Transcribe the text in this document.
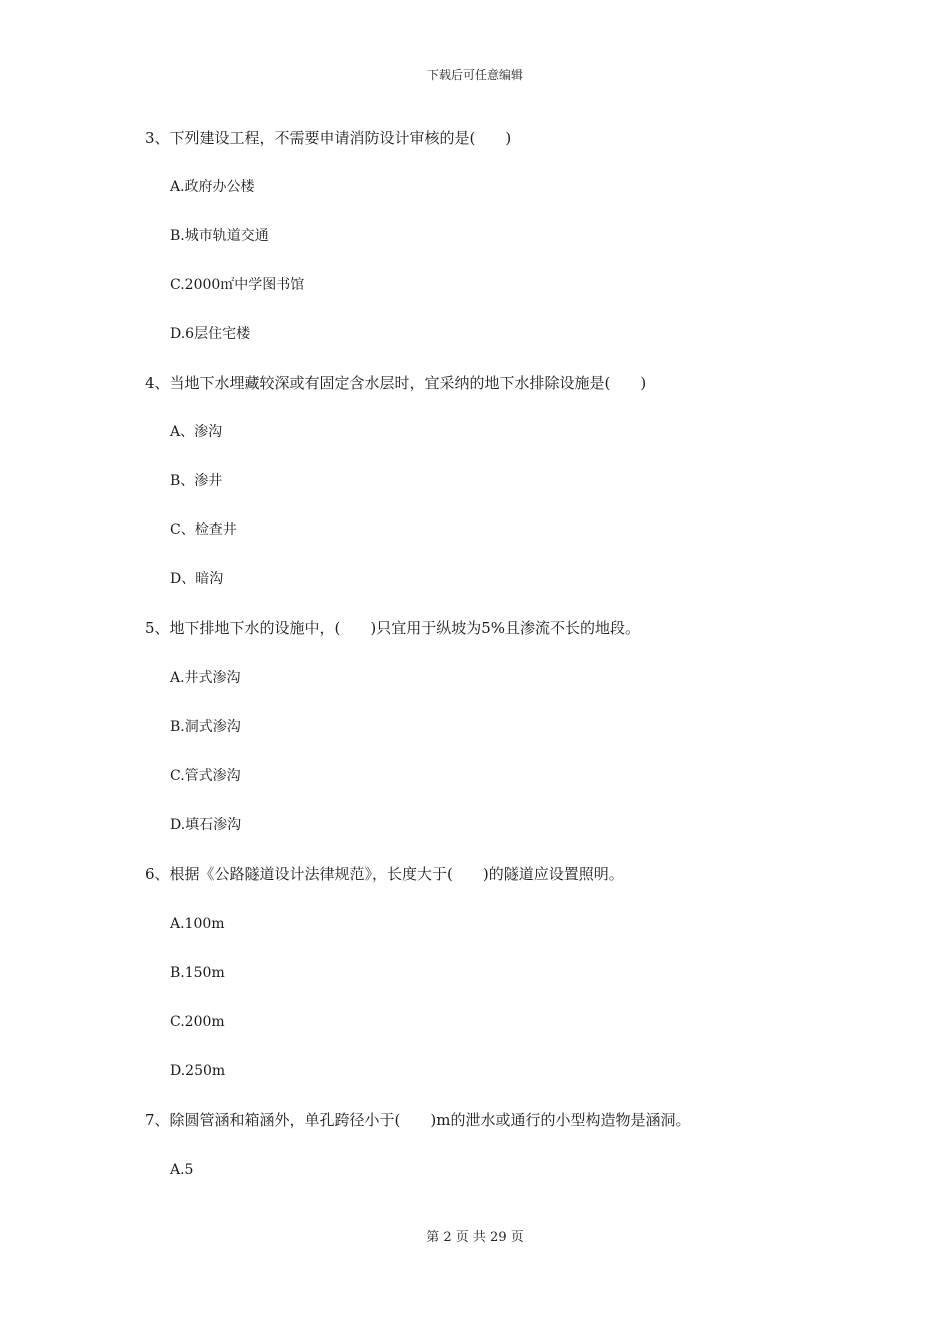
下载后可任意编辑
3、下列建设工程，不需要申请消防设计审核的是(　　)
A.政府办公楼
B.城市轨道交通
C.2000㎡中学图书馆
D.6层住宅楼
4、当地下水埋藏较深或有固定含水层时，宜采纳的地下水排除设施是(　　)
A、渗沟
B、渗井
C、检查井
D、暗沟
5、地下排地下水的设施中，(　　)只宜用于纵坡为5%且渗流不长的地段。
A.井式渗沟
B.洞式渗沟
C.管式渗沟
D.填石渗沟
6、根据《公路隧道设计法律规范》，长度大于(　　)的隧道应设置照明。
A.100m
B.150m
C.200m
D.250m
7、除圆管涵和箱涵外，单孔跨径小于(　　)m的泄水或通行的小型构造物是涵洞。
A.5
第 2 页 共 29 页
